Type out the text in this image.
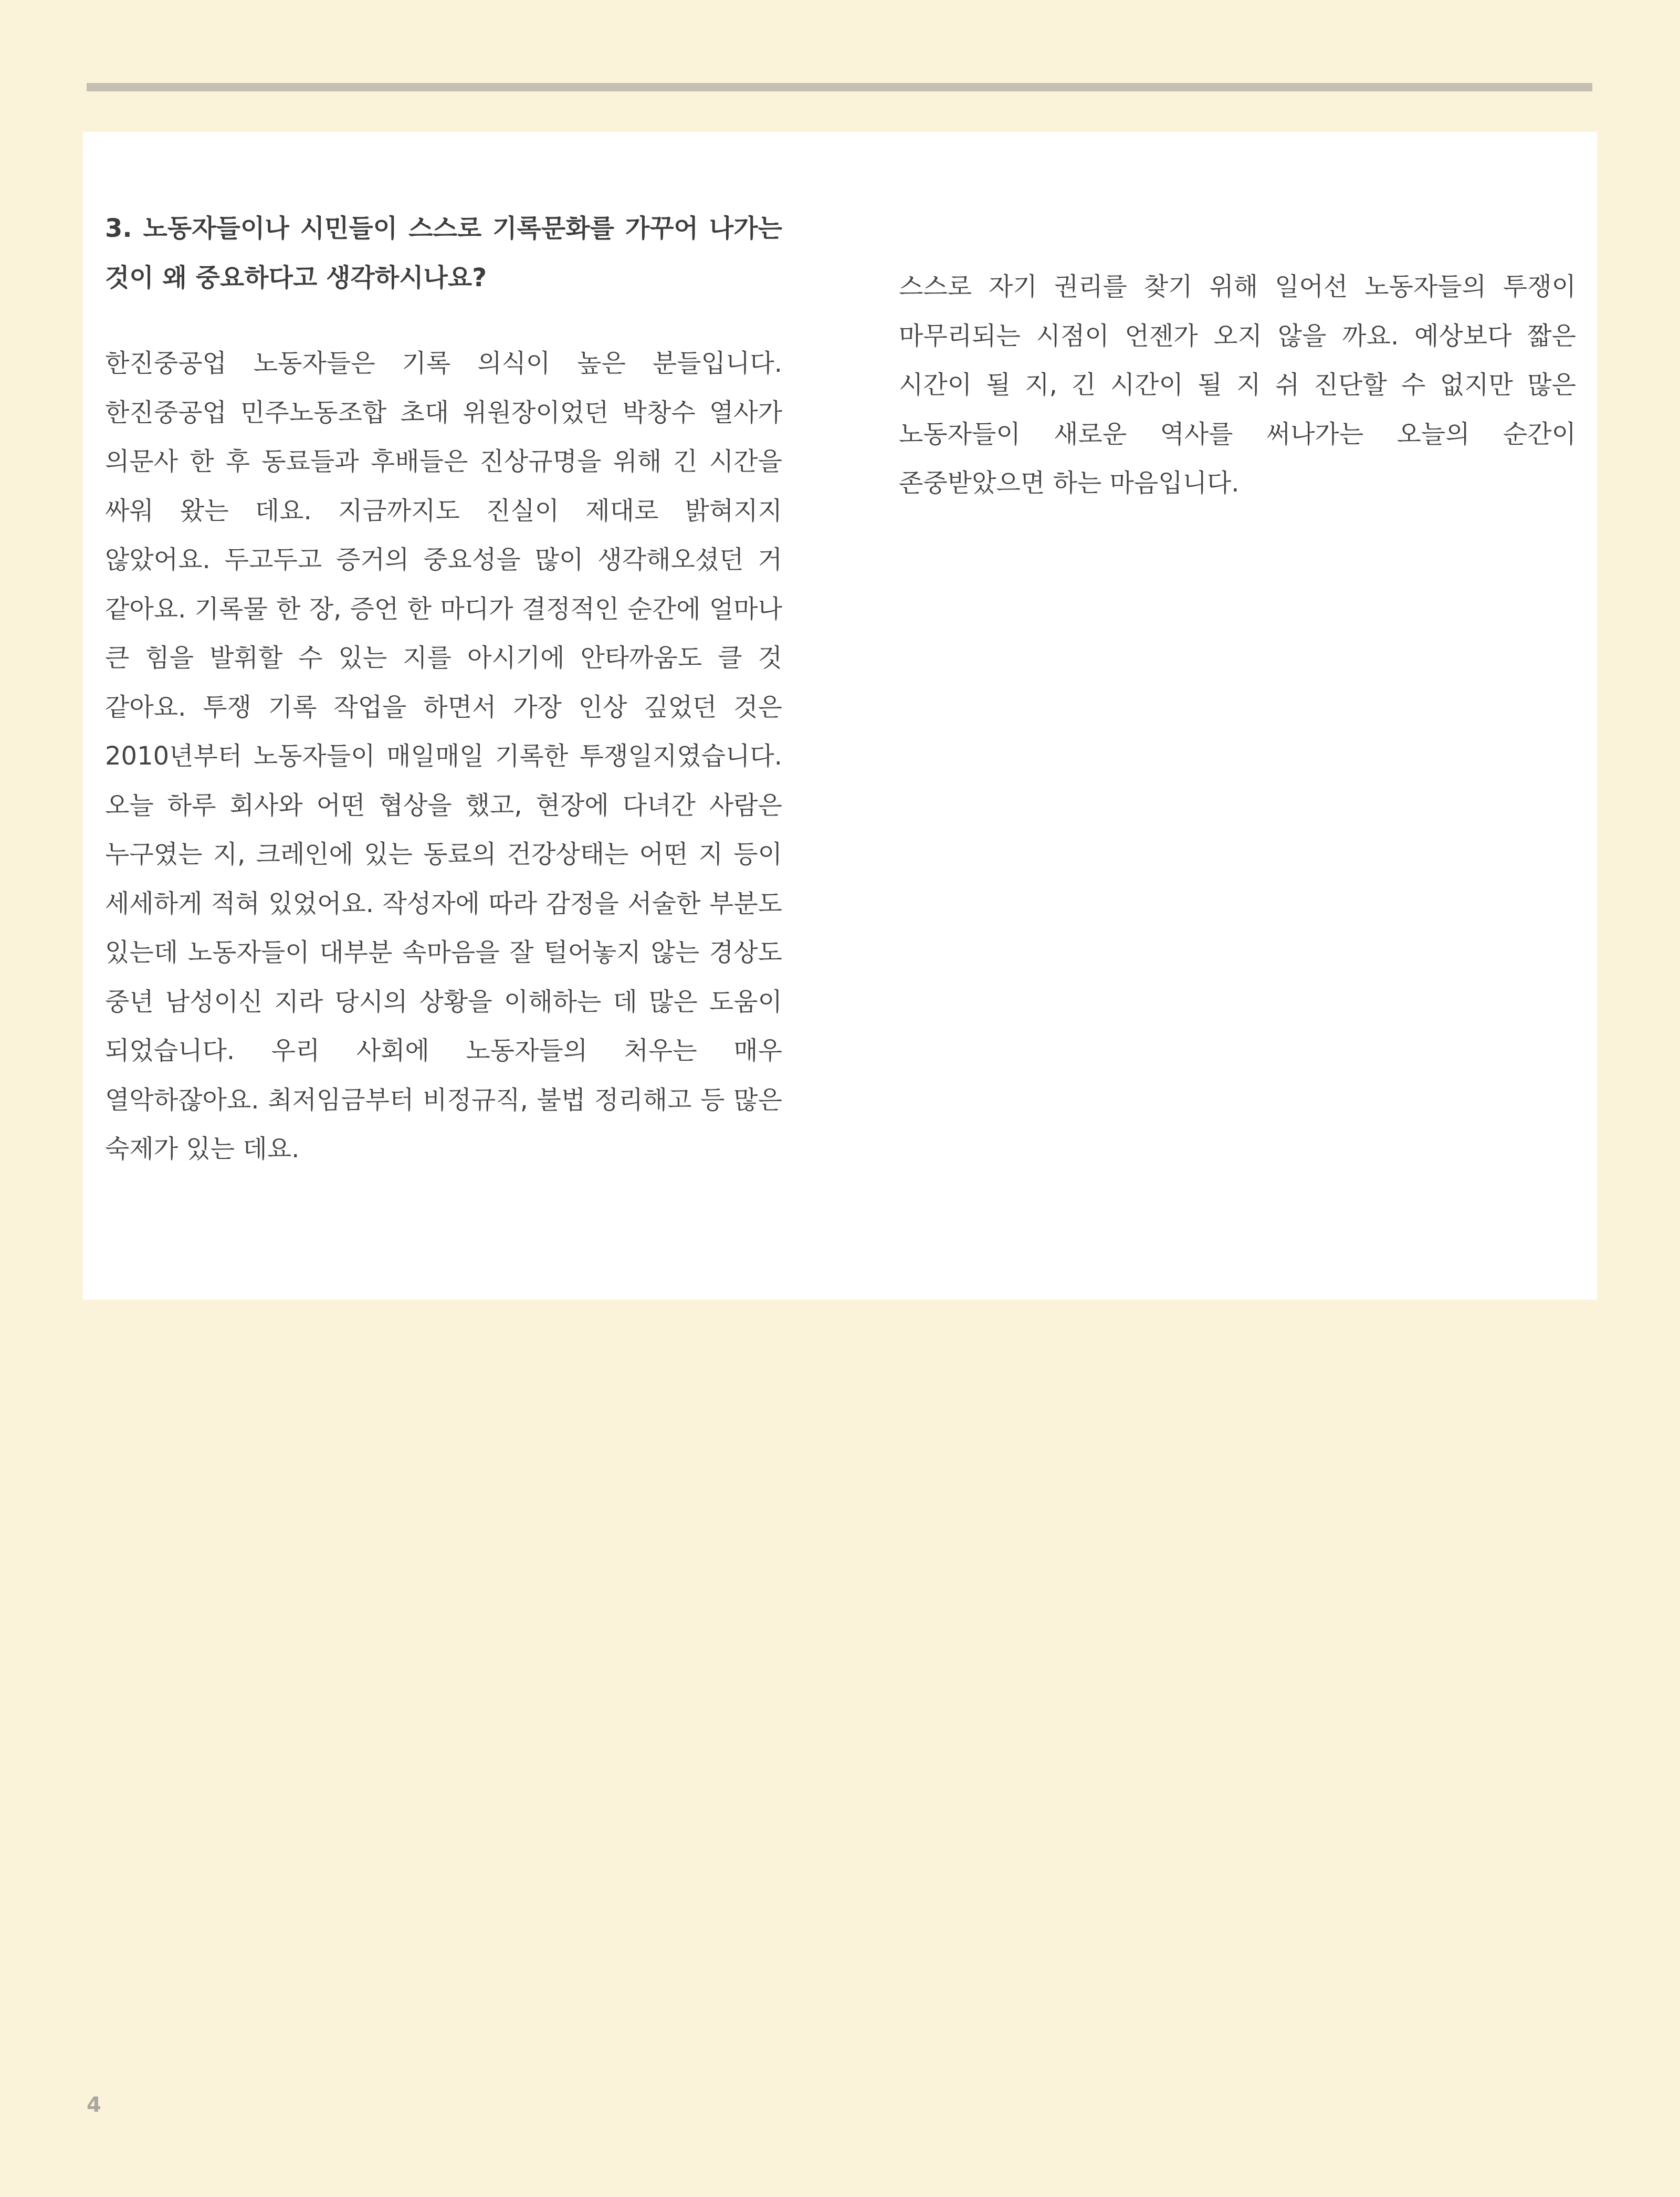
3. 노동자들이나 시민들이 스스로 기록문화를 가꾸어 나가는 것이 왜 중요하다고 생각하시나요?

한진중공업 노동자들은 기록 의식이 높은 분들입니다. 한진중공업 민주노동조합 초대 위원장이었던 박창수 열사가 의문사 한 후 동료들과 후배들은 진상규명을 위해 긴 시간을 싸워 왔는 데요. 지금까지도 진실이 제대로 밝혀지지 않았어요. 두고두고 증거의 중요성을 많이 생각해오셨던 거 같아요. 기록물 한 장, 증언 한 마디가 결정적인 순간에 얼마나 큰 힘을 발휘할 수 있는 지를 아시기에 안타까움도 클 것 같아요. 투쟁 기록 작업을 하면서 가장 인상 깊었던 것은 2010년부터 노동자들이 매일매일 기록한 투쟁일지였습니다. 오늘 하루 회사와 어떤 협상을 했고, 현장에 다녀간 사람은 누구였는 지, 크레인에 있는 동료의 건강상태는 어떤 지 등이 세세하게 적혀 있었어요. 작성자에 따라 감정을 서술한 부분도 있는데 노동자들이 대부분 속마음을 잘 털어놓지 않는 경상도 중년 남성이신 지라 당시의 상황을 이해하는 데 많은 도움이 되었습니다. 우리 사회에 노동자들의 처우는 매우 열악하잖아요. 최저임금부터 비정규직, 불법 정리해고 등 많은 숙제가 있는 데요.

스스로 자기 권리를 찾기 위해 일어선 노동자들의 투쟁이 마무리되는 시점이 언젠가 오지 않을 까요. 예상보다 짧은 시간이 될 지, 긴 시간이 될 지 쉬 진단할 수 없지만 많은 노동자들이 새로운 역사를 써나가는 오늘의 순간이 존중받았으면 하는 마음입니다.

4
